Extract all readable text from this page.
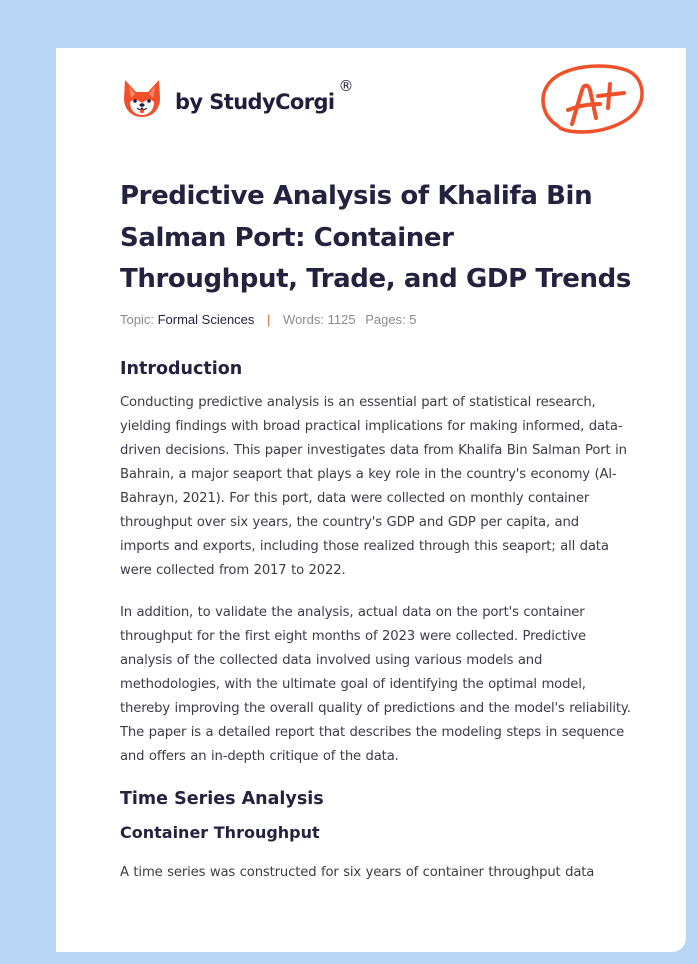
by StudyCorgi
®
Predictive Analysis of Khalifa Bin Salman Port: Container Throughput, Trade, and GDP Trends
Topic: Formal Sciences | Words: 1125 Pages: 5
Introduction

Conducting predictive analysis is an essential part of statistical research, yielding findings with broad practical implications for making informed, data-driven decisions. This paper investigates data from Khalifa Bin Salman Port in Bahrain, a major seaport that plays a key role in the country's economy (Al-Bahrayn, 2021). For this port, data were collected on monthly container throughput over six years, the country's GDP and GDP per capita, and imports and exports, including those realized through this seaport; all data were collected from 2017 to 2022.

In addition, to validate the analysis, actual data on the port's container throughput for the first eight months of 2023 were collected. Predictive analysis of the collected data involved using various models and methodologies, with the ultimate goal of identifying the optimal model, thereby improving the overall quality of predictions and the model's reliability. The paper is a detailed report that describes the modeling steps in sequence and offers an in-depth critique of the data.

Time Series Analysis
Container Throughput

A time series was constructed for six years of container throughput data
